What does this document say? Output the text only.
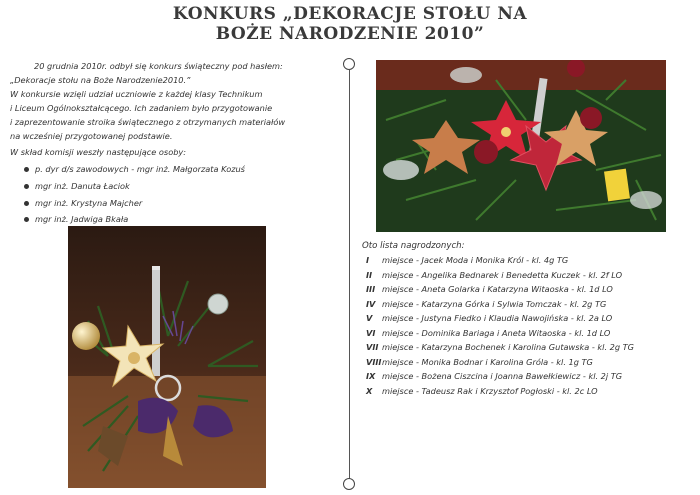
KONKURS „DEKORACJE STOŁU NA
BOŻE NARODZENIE 2010”
20 grudnia 2010r. odbył się konkurs świąteczny pod hasłem:
„Dekoracje stołu na Boże Narodzenie2010.”
W konkursie wzięli udział uczniowie z każdej klasy Technikum
i Liceum Ogólnokształcącego. Ich zadaniem było przygotowanie
i zaprezentowanie stroika świątecznego z otrzymanych materiałów
na wcześniej przygotowanej podstawie.
W skład komisji weszły następujące osoby:
p. dyr d/s zawodowych - mgr inż. Małgorzata Kozuś
mgr inż. Danuta Łaciok
mgr inż. Krystyna Majcher
mgr inż. Jadwiga Bkała
Oto lista nagrodzonych:
I miejsce - Jacek Moda i Monika Król - kl. 4g TG
II miejsce - Angelika Bednarek i Benedetta Kuczek - kl. 2f LO
III miejsce - Aneta Golarka i Katarzyna Witaoska - kl. 1d LO
IV miejsce - Katarzyna Górka i Sylwia Tomczak - kl. 2g TG
V miejsce - Justyna Fiedko i Klaudia Nawojińska - kl. 2a LO
VI miejsce - Dominika Bariaga i Aneta Witaoska - kl. 1d LO
VII miejsce - Katarzyna Bochenek i Karolina Gutawska - kl. 2g TG
VIIImiejsce - Monika Bodnar i Karolina Gróla - kl. 1g TG
IX miejsce - Bożena Ciszcina i Joanna Bawełkiewicz - kl. 2j TG
X miejsce - Tadeusz Rak i Krzysztof Pogłoski - kl. 2c LO
